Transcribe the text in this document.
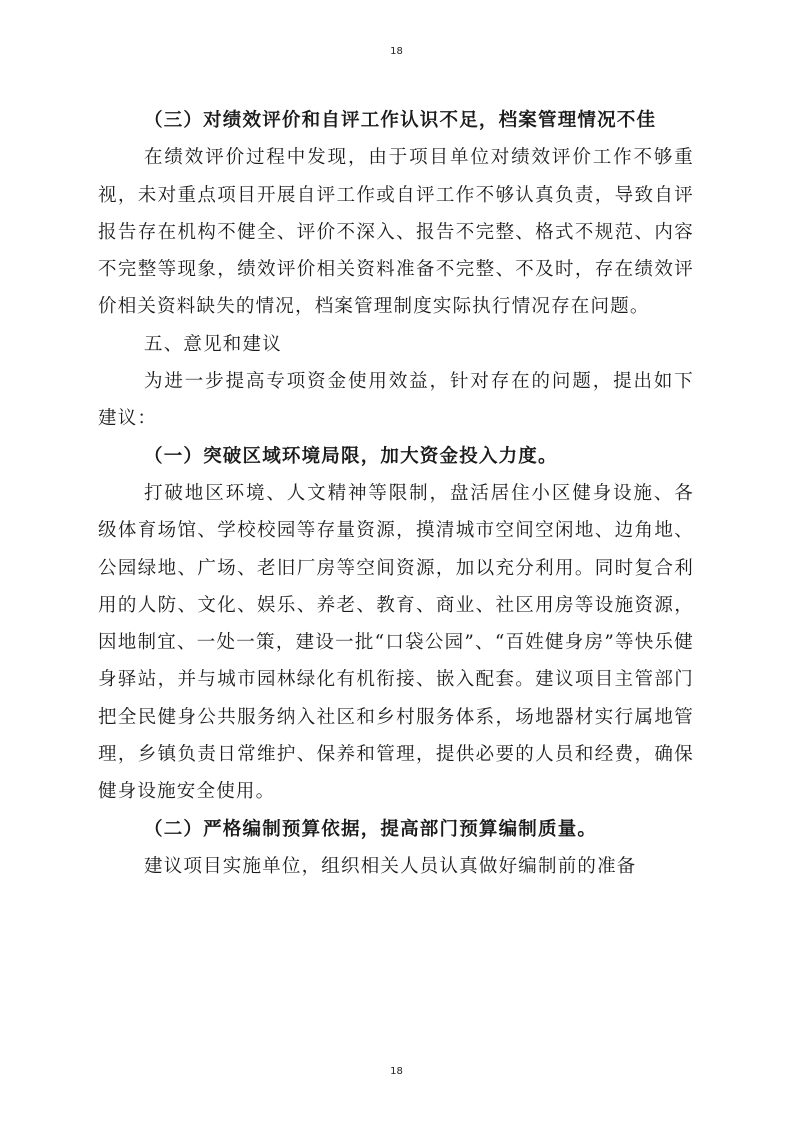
18

（三）对绩效评价和自评工作认识不足，档案管理情况不佳

在绩效评价过程中发现，由于项目单位对绩效评价工作不够重视，未对重点项目开展自评工作或自评工作不够认真负责，导致自评报告存在机构不健全、评价不深入、报告不完整、格式不规范、内容不完整等现象，绩效评价相关资料准备不完整、不及时，存在绩效评价相关资料缺失的情况，档案管理制度实际执行情况存在问题。

五、意见和建议

为进一步提高专项资金使用效益，针对存在的问题，提出如下建议：

（一）突破区域环境局限，加大资金投入力度。

打破地区环境、人文精神等限制，盘活居住小区健身设施、各级体育场馆、学校校园等存量资源，摸清城市空间空闲地、边角地、公园绿地、广场、老旧厂房等空间资源，加以充分利用。同时复合利用的人防、文化、娱乐、养老、教育、商业、社区用房等设施资源，因地制宜、一处一策，建设一批“口袋公园”、“百姓健身房”等快乐健身驿站，并与城市园林绿化有机衔接、嵌入配套。建议项目主管部门把全民健身公共服务纳入社区和乡村服务体系，场地器材实行属地管理，乡镇负责日常维护、保养和管理，提供必要的人员和经费，确保健身设施安全使用。

（二）严格编制预算依据，提高部门预算编制质量。

建议项目实施单位，组织相关人员认真做好编制前的准备

18
